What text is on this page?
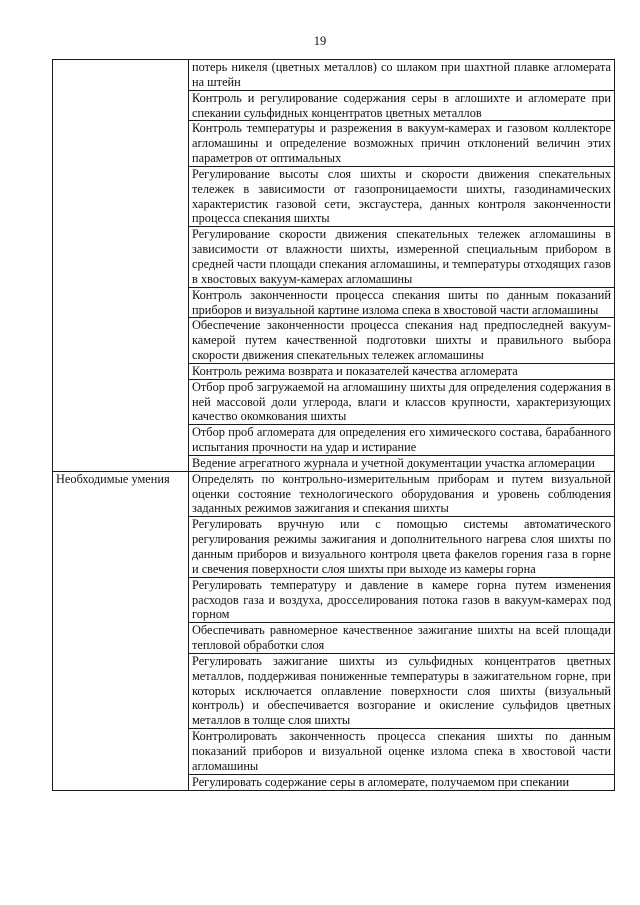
19
	потерь никеля (цветных металлов) со шлаком при шахтной плавке агломерата на штейн
	Контроль и регулирование содержания серы в аглошихте и агломерате при спекании сульфидных концентратов цветных металлов
	Контроль температуры и разрежения в вакуум-камерах и газовом коллекторе агломашины и определение возможных причин отклонений величин этих параметров от оптимальных
	Регулирование высоты слоя шихты и скорости движения спекательных тележек в зависимости от газопроницаемости шихты, газодинамических характеристик газовой сети, эксгаустера, данных контроля законченности процесса спекания шихты
	Регулирование скорости движения спекательных тележек агломашины в зависимости от влажности шихты, измеренной специальным прибором в средней части площади спекания агломашины, и температуры отходящих газов в хвостовых вакуум-камерах агломашины
	Контроль законченности процесса спекания шиты по данным показаний приборов и визуальной картине излома спека в хвостовой части агломашины
	Обеспечение законченности процесса спекания над предпоследней вакуум-камерой путем качественной подготовки шихты и правильного выбора скорости движения спекательных тележек агломашины
	Контроль режима возврата и показателей качества агломерата
	Отбор проб загружаемой на агломашину шихты для определения содержания в ней массовой доли углерода, влаги и классов крупности, характеризующих качество окомкования шихты
	Отбор проб агломерата для определения его химического состава, барабанного испытания прочности на удар и истирание
	Ведение агрегатного журнала и учетной документации участка агломерации
Необходимые умения	Определять по контрольно-измерительным приборам и путем визуальной оценки состояние технологического оборудования и уровень соблюдения заданных режимов зажигания и спекания шихты
	Регулировать вручную или с помощью системы автоматического регулирования режимы зажигания и дополнительного нагрева слоя шихты по данным приборов и визуального контроля цвета факелов горения газа в горне и свечения поверхности слоя шихты при выходе из камеры горна
	Регулировать температуру и давление в камере горна путем изменения расходов газа и воздуха, дросселирования потока газов в вакуум-камерах под горном
	Обеспечивать равномерное качественное зажигание шихты на всей площади тепловой обработки слоя
	Регулировать зажигание шихты из сульфидных концентратов цветных металлов, поддерживая пониженные температуры в зажигательном горне, при которых исключается оплавление поверхности слоя шихты (визуальный контроль) и обеспечивается возгорание и окисление сульфидов цветных металлов в толще слоя шихты
	Контролировать законченность процесса спекания шихты по данным показаний приборов и визуальной оценке излома спека в хвостовой части агломашины
	Регулировать содержание серы в агломерате, получаемом при спекании
